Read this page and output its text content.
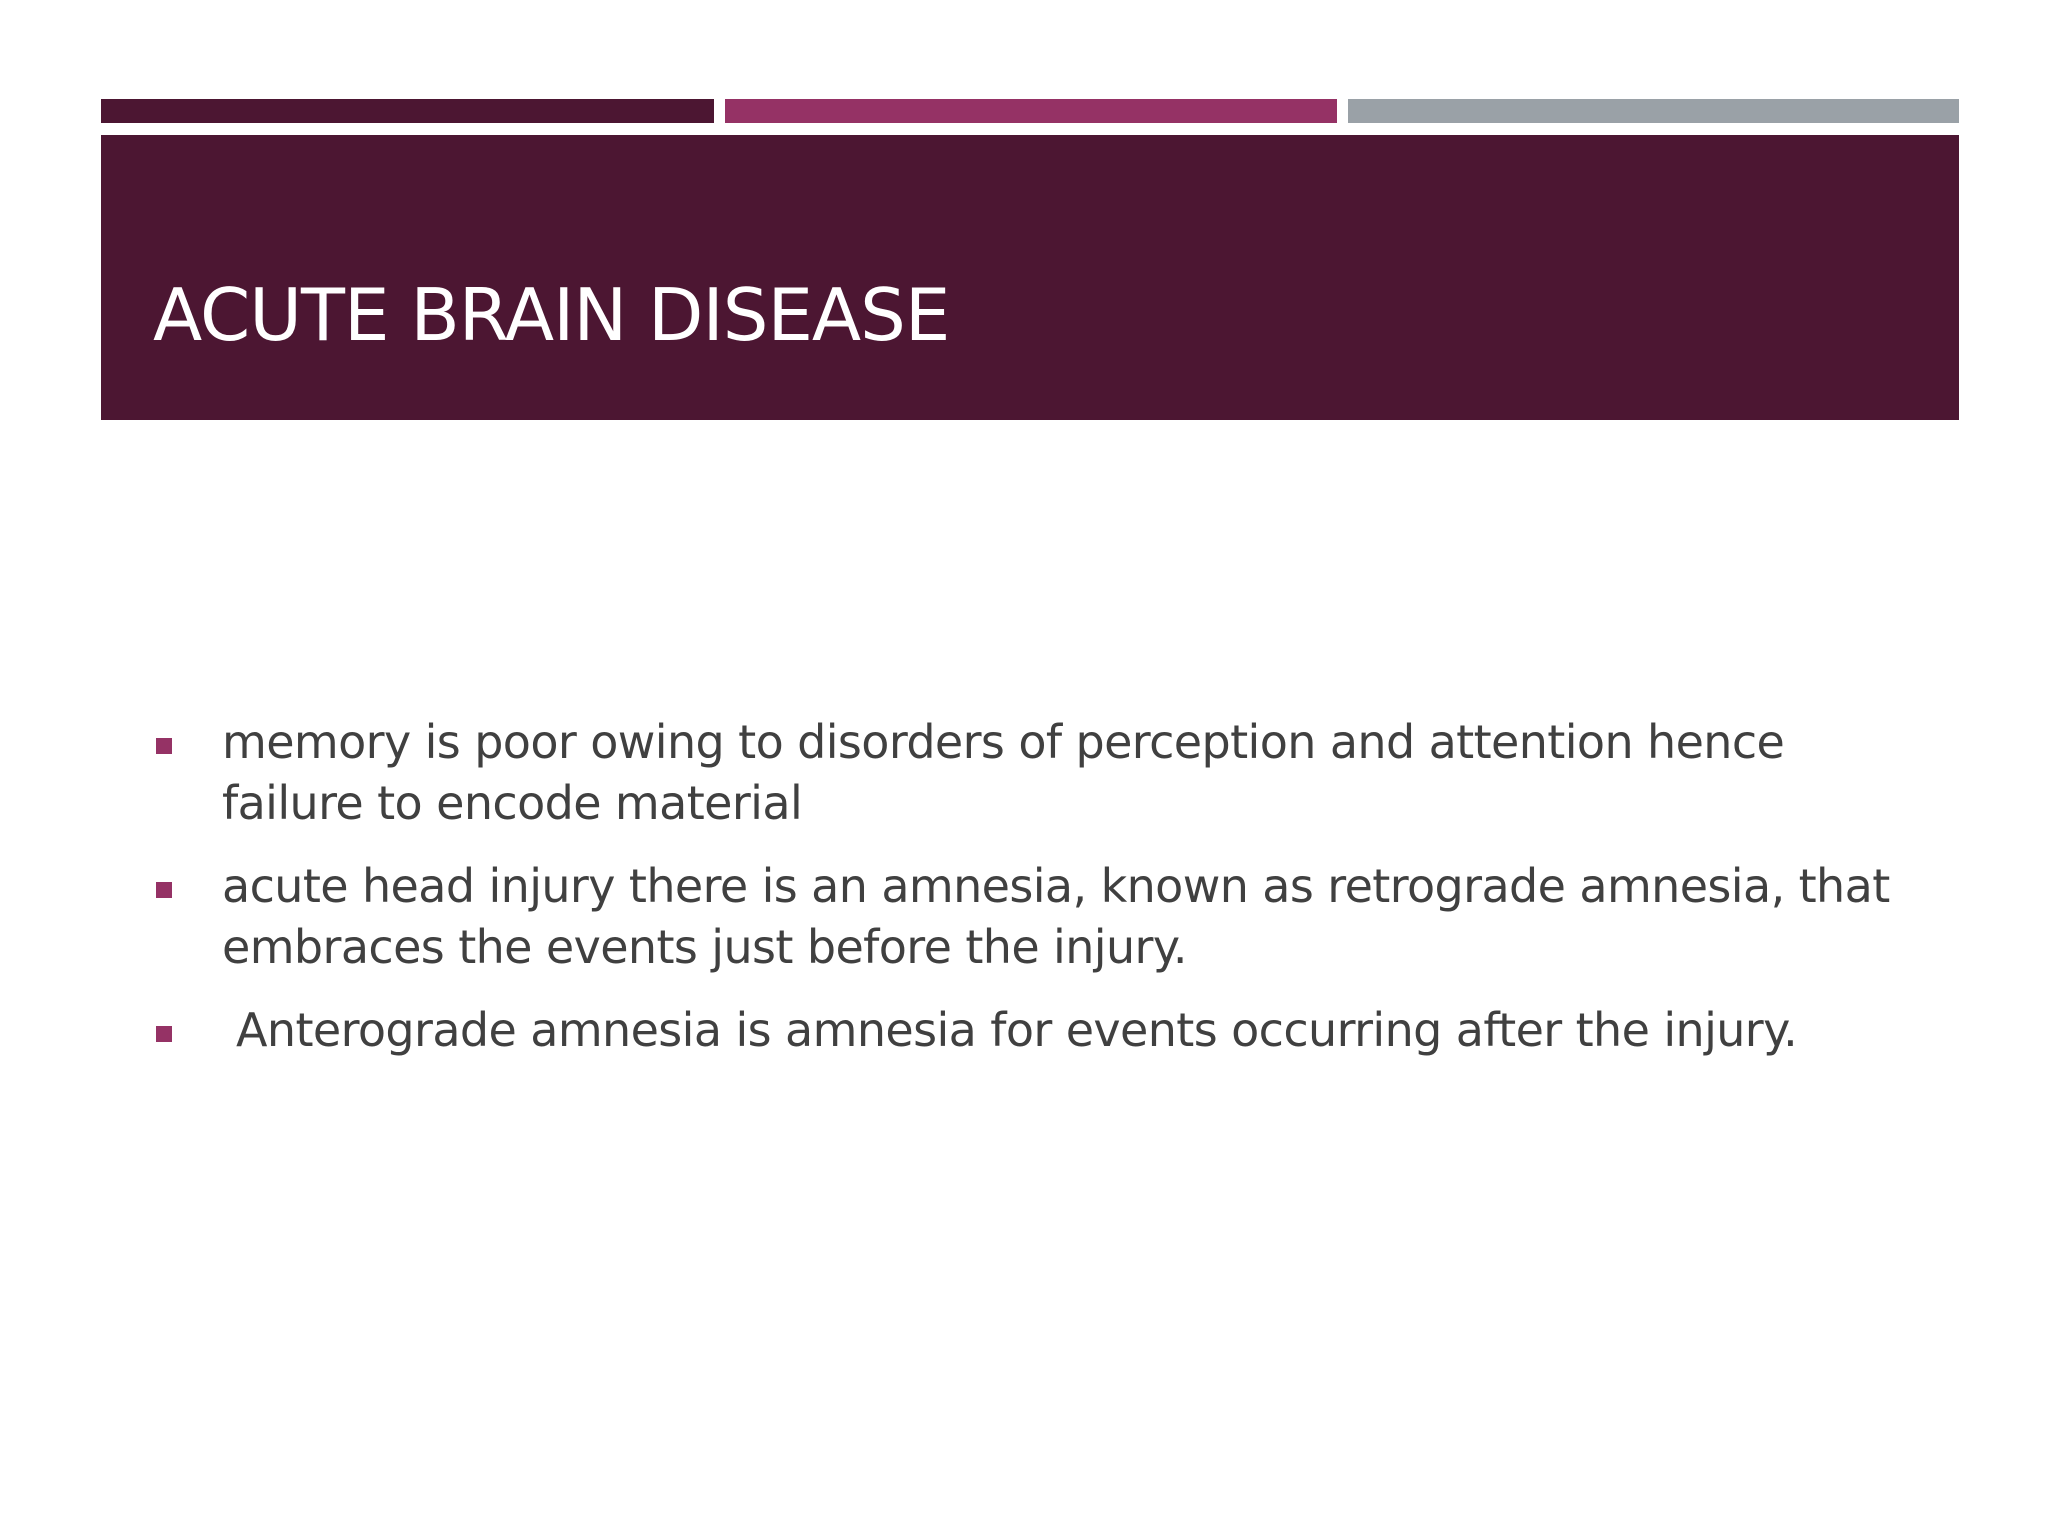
ACUTE BRAIN DISEASE
memory is poor owing to disorders of perception and attention hence failure to encode material
acute head injury there is an amnesia, known as retrograde amnesia, that embraces the events just before the injury.
Anterograde amnesia is amnesia for events occurring after the injury.
